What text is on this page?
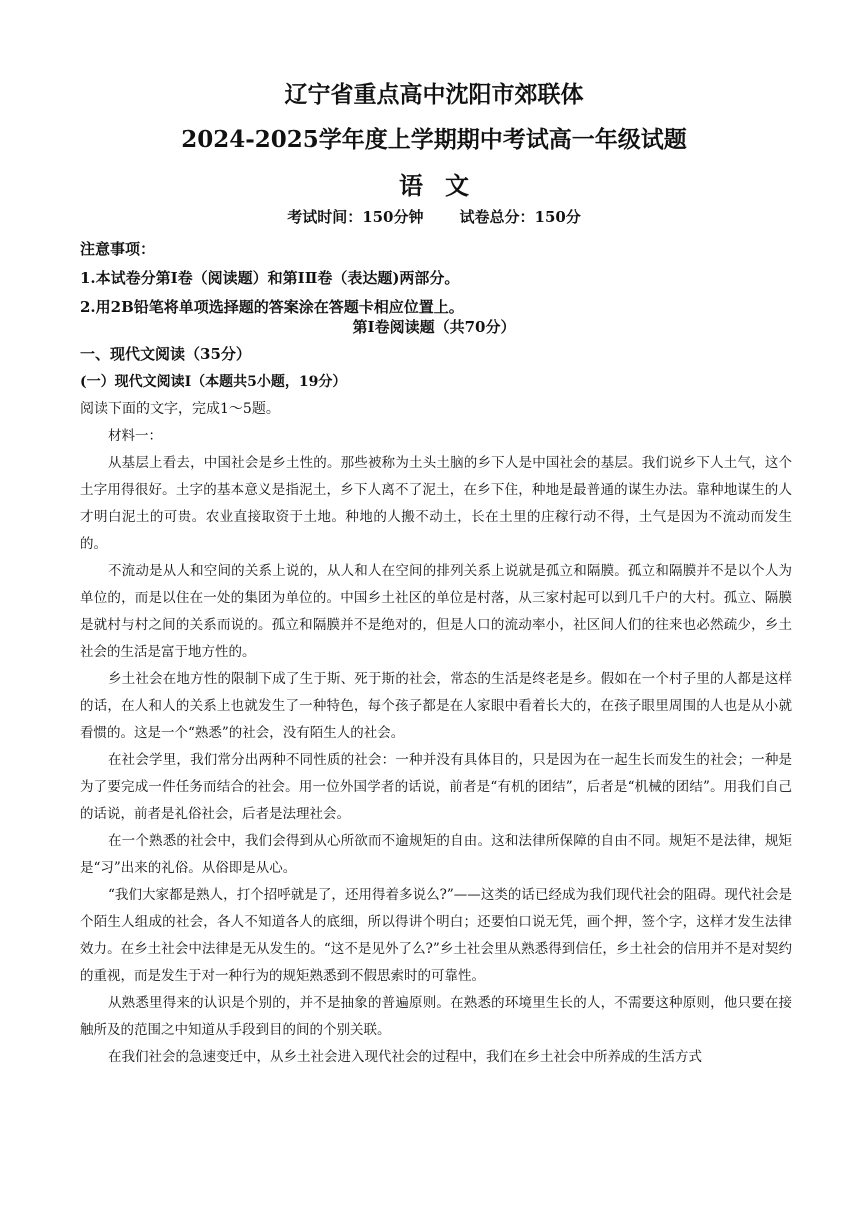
辽宁省重点高中沈阳市郊联体
2024-2025学年度上学期期中考试高一年级试题
语文
考试时间：150分钟 试卷总分：150分
注意事项：
1.本试卷分第Ⅰ卷（阅读题）和第ⅠⅡ卷（表达题)两部分。
2.用2B铅笔将单项选择题的答案涂在答题卡相应位置上。
第Ⅰ卷阅读题（共70分）
一、现代文阅读（35分）
(一）现代文阅读Ⅰ（本题共5小题，19分）
阅读下面的文字，完成1～5题。

材料一：

从基层上看去，中国社会是乡土性的。那些被称为土头土脑的乡下人是中国社会的基层。我们说乡下人土气，这个土字用得很好。土字的基本意义是指泥土，乡下人离不了泥土，在乡下住，种地是最普通的谋生办法。靠种地谋生的人才明白泥土的可贵。农业直接取资于土地。种地的人搬不动土，长在土里的庄稼行动不得，土气是因为不流动而发生的。

不流动是从人和空间的关系上说的，从人和人在空间的排列关系上说就是孤立和隔膜。孤立和隔膜并不是以个人为单位的，而是以住在一处的集团为单位的。中国乡土社区的单位是村落，从三家村起可以到几千户的大村。孤立、隔膜是就村与村之间的关系而说的。孤立和隔膜并不是绝对的，但是人口的流动率小，社区间人们的往来也必然疏少，乡土社会的生活是富于地方性的。

乡土社会在地方性的限制下成了生于斯、死于斯的社会，常态的生活是终老是乡。假如在一个村子里的人都是这样的话，在人和人的关系上也就发生了一种特色，每个孩子都是在人家眼中看着长大的，在孩子眼里周围的人也是从小就看惯的。这是一个“熟悉”的社会，没有陌生人的社会。

在社会学里，我们常分出两种不同性质的社会：一种并没有具体目的，只是因为在一起生长而发生的社会；一种是为了要完成一件任务而结合的社会。用一位外国学者的话说，前者是“有机的团结”，后者是“机械的团结”。用我们自己的话说，前者是礼俗社会，后者是法理社会。

在一个熟悉的社会中，我们会得到从心所欲而不逾规矩的自由。这和法律所保障的自由不同。规矩不是法律，规矩是“习”出来的礼俗。从俗即是从心。

“我们大家都是熟人，打个招呼就是了，还用得着多说么?”——这类的话已经成为我们现代社会的阻碍。现代社会是个陌生人组成的社会，各人不知道各人的底细，所以得讲个明白；还要怕口说无凭，画个押，签个字，这样才发生法律效力。在乡土社会中法律是无从发生的。“这不是见外了么?”乡土社会里从熟悉得到信任，乡土社会的信用并不是对契约的重视，而是发生于对一种行为的规矩熟悉到不假思索时的可靠性。

从熟悉里得来的认识是个别的，并不是抽象的普遍原则。在熟悉的环境里生长的人，不需要这种原则，他只要在接触所及的范围之中知道从手段到目的间的个别关联。

在我们社会的急速变迁中，从乡土社会进入现代社会的过程中，我们在乡土社会中所养成的生活方式
